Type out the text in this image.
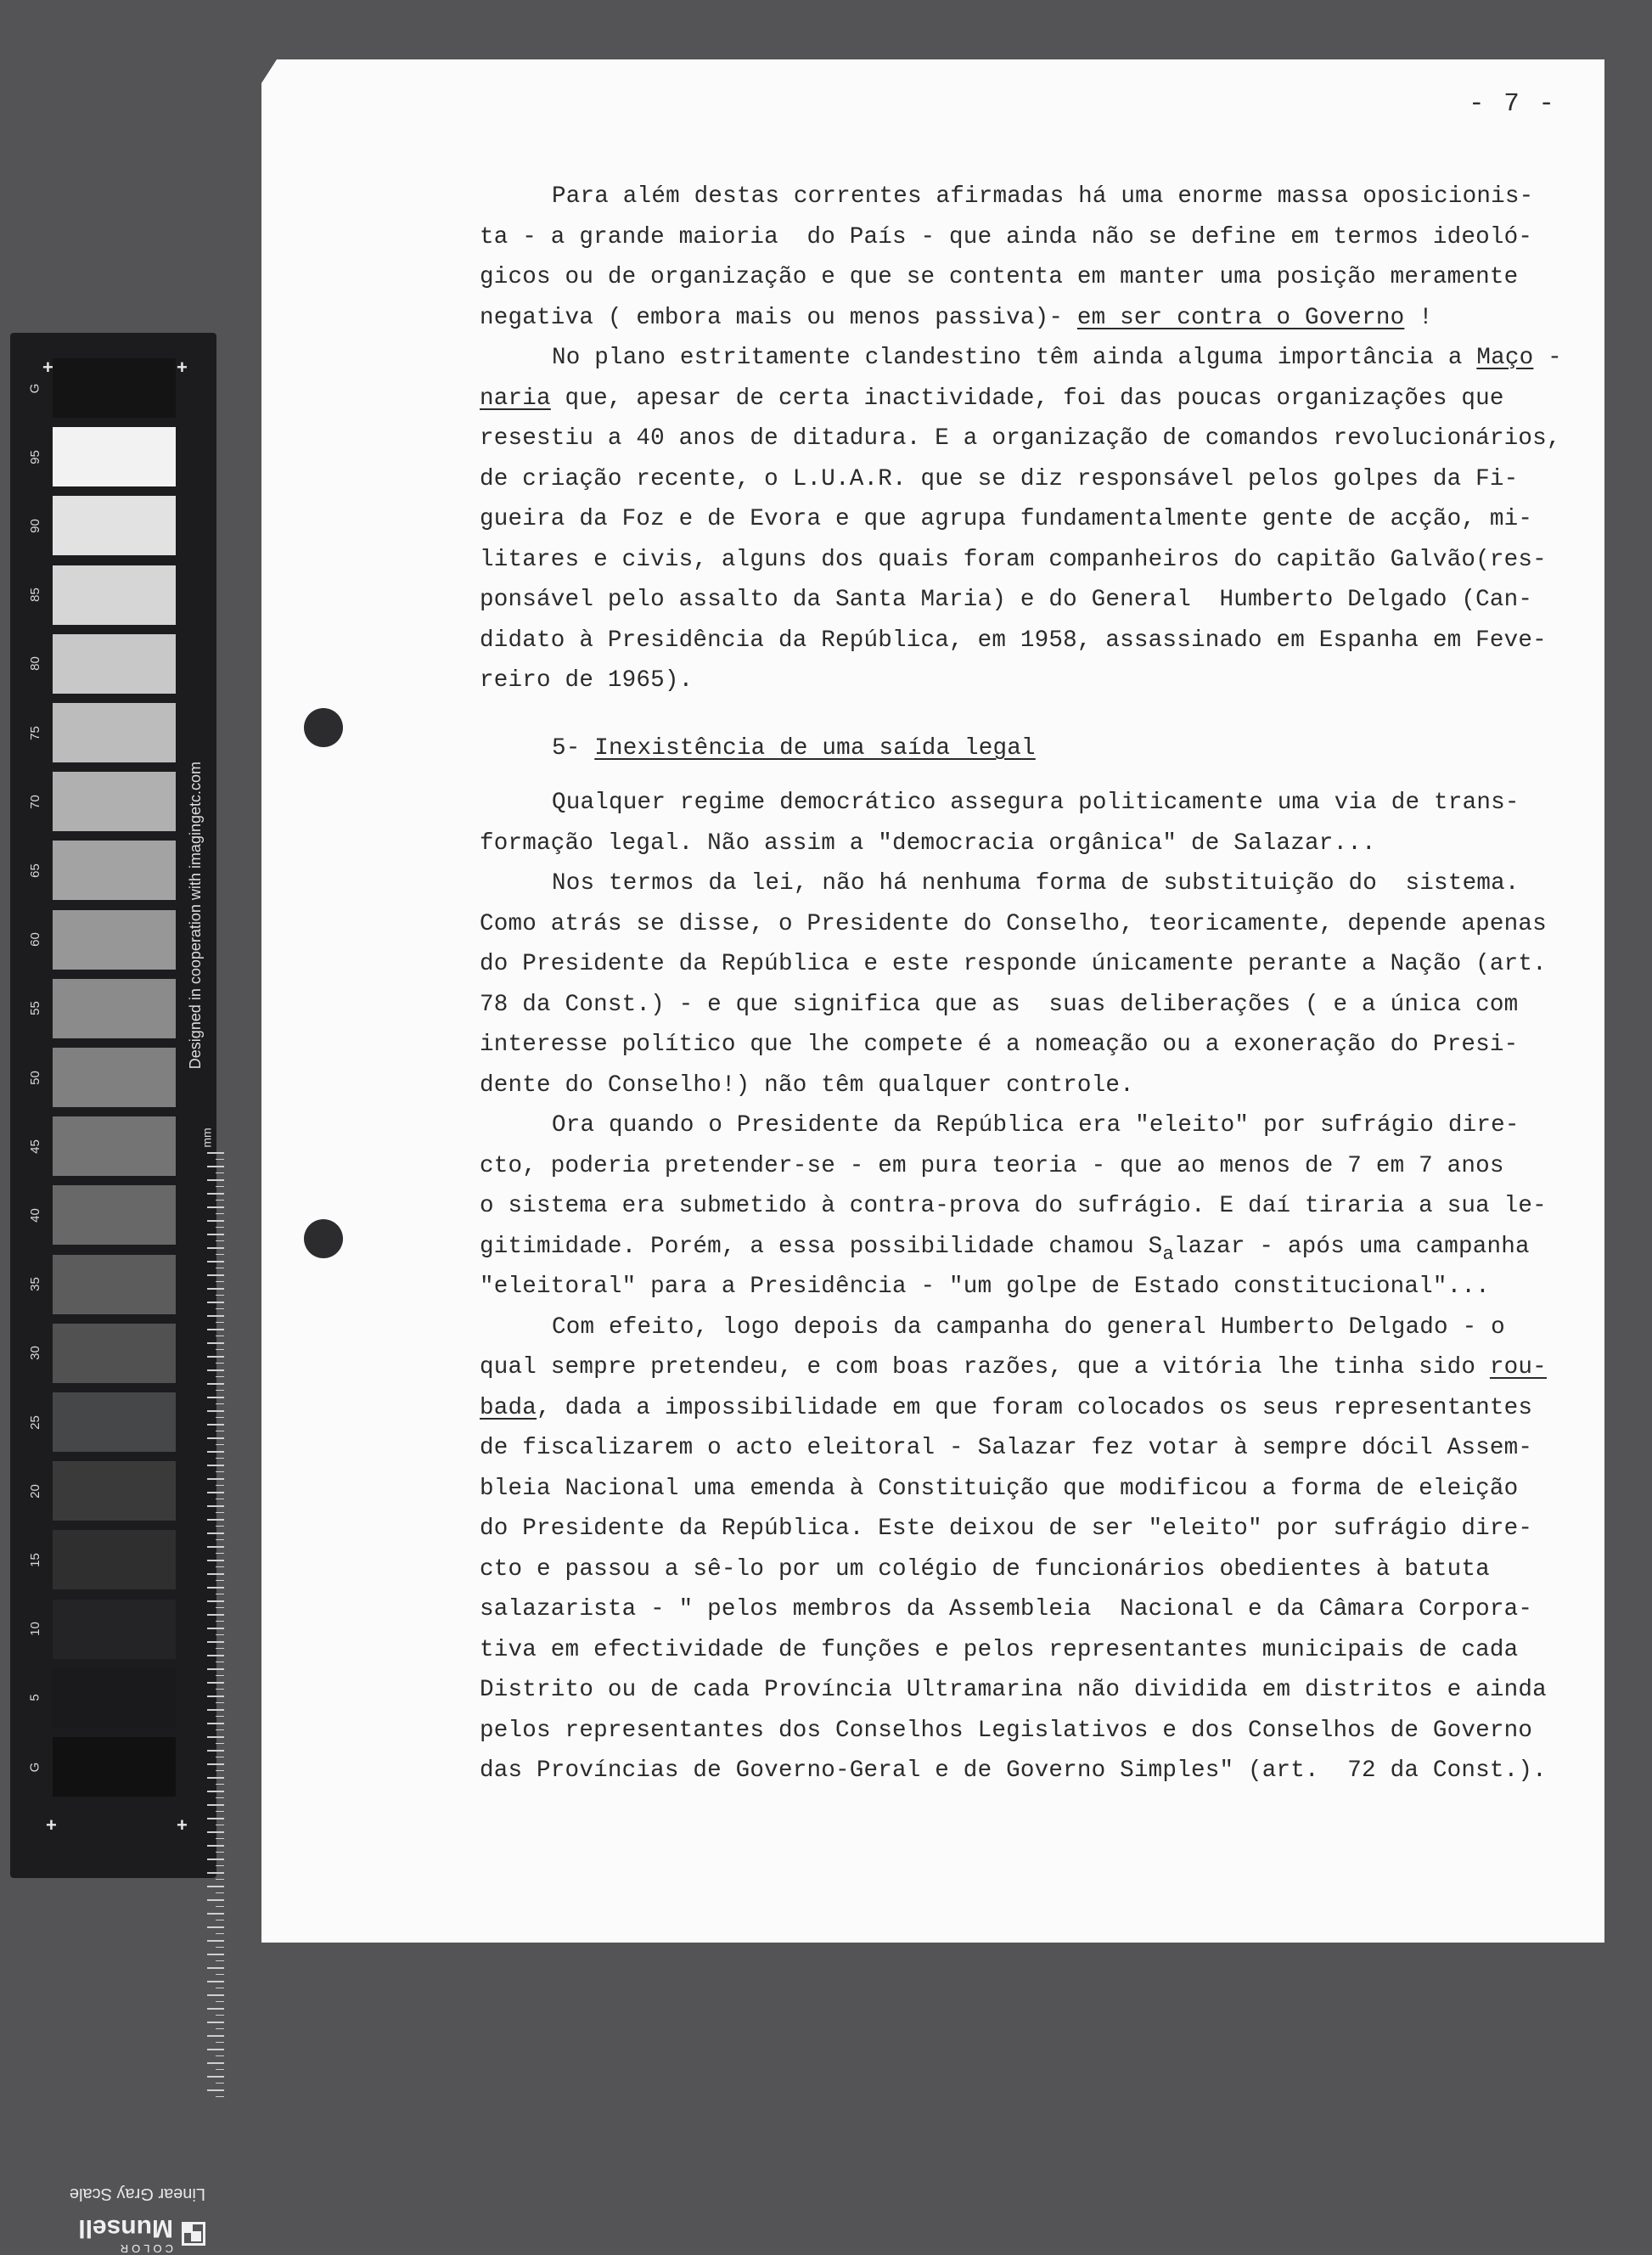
G
95
90
85
80
75
70
65
60
55
50
45
40
35
30
25
20
15
10
5
G
+	+
+	+
Designed in cooperation with imagingetc.com
mm
Linear Gray Scale
COLOR
Munsell
- 7 -
Para além destas correntes afirmadas há uma enorme massa oposicionis-
ta - a grande maioria  do País - que ainda não se define em termos ideoló-
gicos ou de organização e que se contenta em manter uma posição meramente
negativa ( embora mais ou menos passiva)- em ser contra o Governo !
No plano estritamente clandestino têm ainda alguma importância a Maço -
naria que, apesar de certa inactividade, foi das poucas organizações que
resestiu a 40 anos de ditadura. E a organização de comandos revolucionários,
de criação recente, o L.U.A.R. que se diz responsável pelos golpes da Fi-
gueira da Foz e de Evora e que agrupa fundamentalmente gente de acção, mi-
litares e civis, alguns dos quais foram companheiros do capitão Galvão(res-
ponsável pelo assalto da Santa Maria) e do General  Humberto Delgado (Can-
didato à Presidência da República, em 1958, assassinado em Espanha em Feve-
reiro de 1965).
5- Inexistência de uma saída legal
Qualquer regime democrático assegura politicamente uma via de trans-
formação legal. Não assim a "democracia orgânica" de Salazar...
Nos termos da lei, não há nenhuma forma de substituição do  sistema.
Como atrás se disse, o Presidente do Conselho, teoricamente, depende apenas
do Presidente da República e este responde únicamente perante a Nação (art.
78 da Const.) - e que significa que as  suas deliberações ( e a única com
interesse político que lhe compete é a nomeação ou a exoneração do Presi-
dente do Conselho!) não têm qualquer controle.
Ora quando o Presidente da República era "eleito" por sufrágio dire-
cto, poderia pretender-se - em pura teoria - que ao menos de 7 em 7 anos
o sistema era submetido à contra-prova do sufrágio. E daí tiraria a sua le-
gitimidade. Porém, a essa possibilidade chamou $S_alazar$ - após uma campanha
"eleitoral" para a Presidência - "um golpe de Estado constitucional"...
Com efeito, logo depois da campanha do general Humberto Delgado - o
qual sempre pretendeu, e com boas razões, que a vitória lhe tinha sido rou-
bada, dada a impossibilidade em que foram colocados os seus representantes
de fiscalizarem o acto eleitoral - Salazar fez votar à sempre dócil Assem-
bleia Nacional uma emenda à Constituição que modificou a forma de eleição
do Presidente da República. Este deixou de ser "eleito" por sufrágio dire-
cto e passou a sê-lo por um colégio de funcionários obedientes à batuta
salazarista - " pelos membros da Assembleia  Nacional e da Câmara Corpora-
tiva em efectividade de funções e pelos representantes municipais de cada
Distrito ou de cada Província Ultramarina não dividida em distritos e ainda
pelos representantes dos Conselhos Legislativos e dos Conselhos de Governo
das Províncias de Governo-Geral e de Governo Simples" (art.  72 da Const.).
